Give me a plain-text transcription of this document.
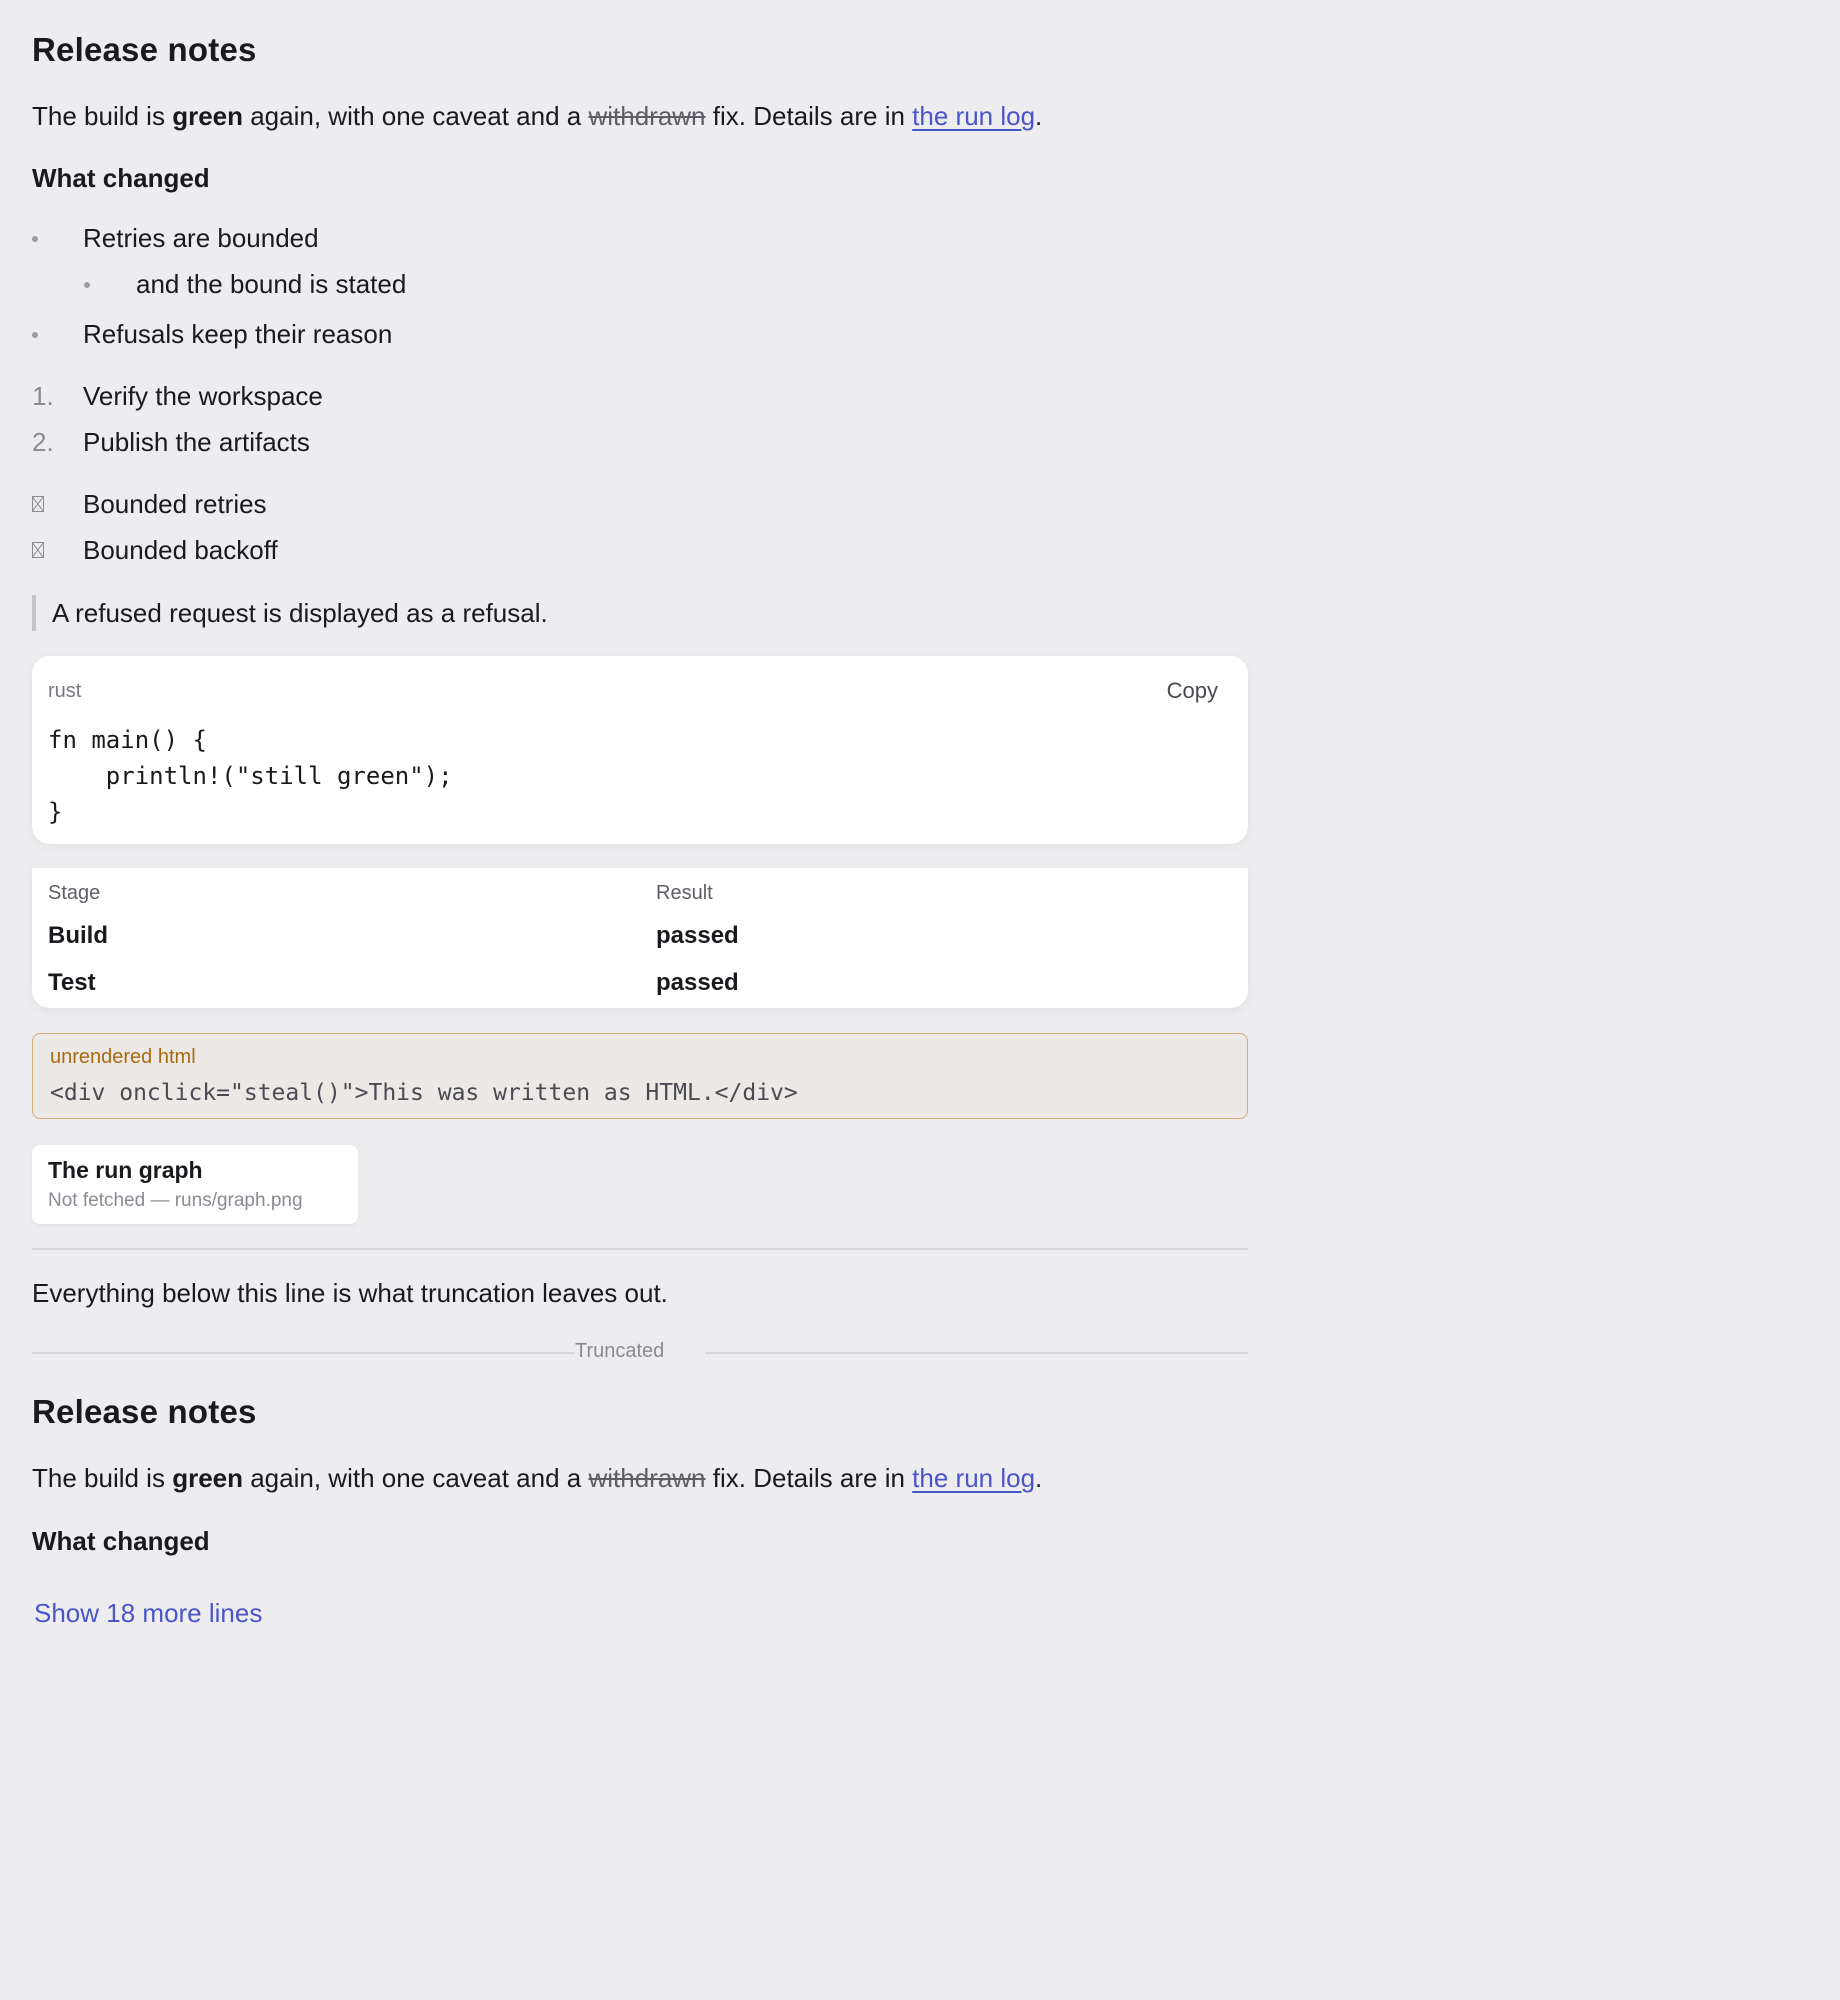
Release notes

The build is green again, with one caveat and a withdrawn fix. Details are in the run log.

What changed
Retries are bounded
and the bound is stated
Refusals keep their reason
1. Verify the workspace
2. Publish the artifacts
Bounded retries
Bounded backoff
A refused request is displayed as a refusal.
rust	Copy
fn main() {
println!("still green");
}
Stage	Result
Build	passed
Test	passed
unrendered html
<div onclick="steal()">This was written as HTML.</div>
The run graph
Not fetched — runs/graph.png

Everything below this line is what truncation leaves out.

Truncated
Release notes

The build is green again, with one caveat and a withdrawn fix. Details are in the run log.

What changed
Show 18 more lines
